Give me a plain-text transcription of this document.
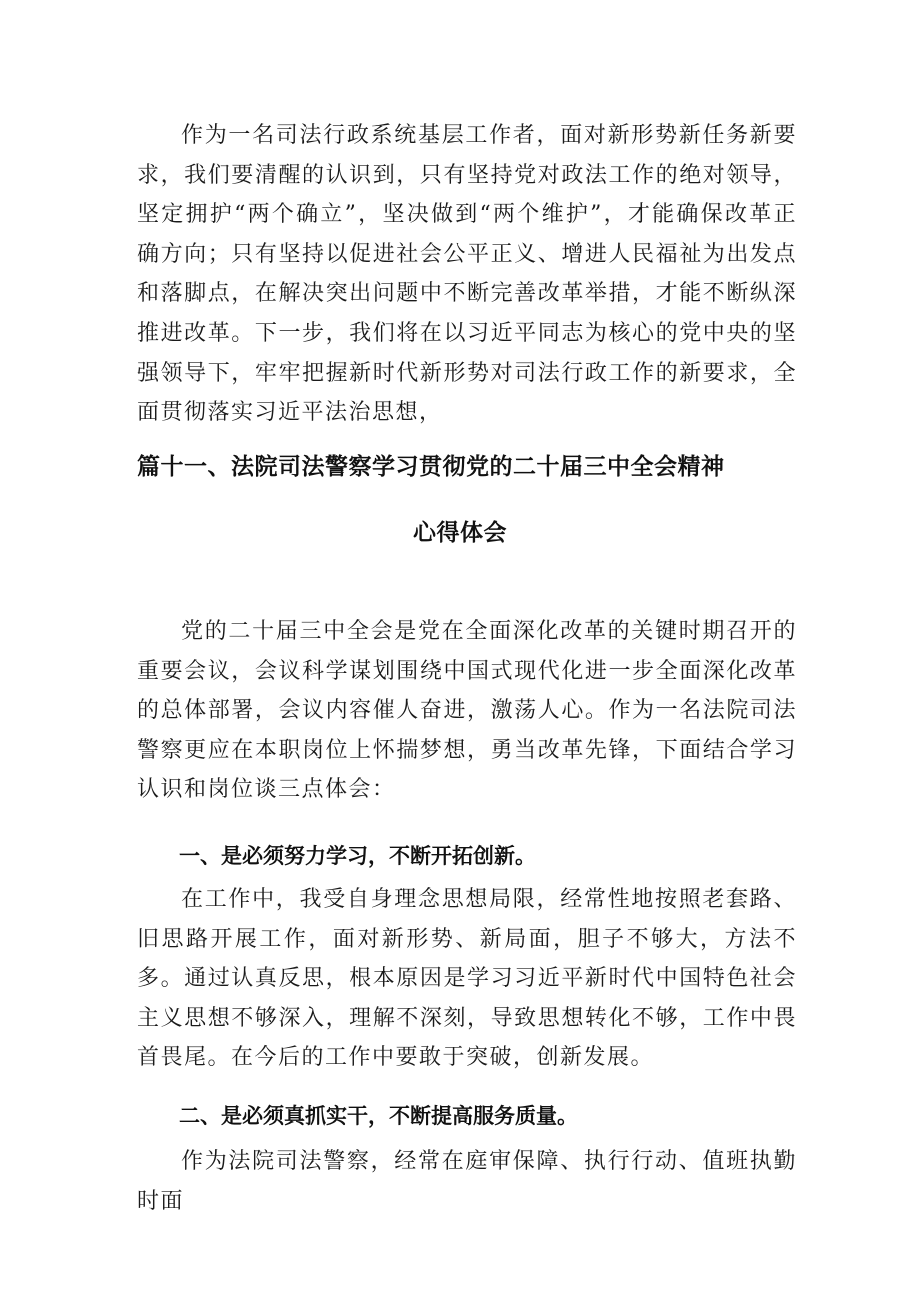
作为一名司法行政系统基层工作者，面对新形势新任务新要求，我们要清醒的认识到，只有坚持党对政法工作的绝对领导，坚定拥护“两个确立”，坚决做到“两个维护”，才能确保改革正确方向；只有坚持以促进社会公平正义、增进人民福祉为出发点和落脚点，在解决突出问题中不断完善改革举措，才能不断纵深推进改革。下一步，我们将在以习近平同志为核心的党中央的坚强领导下，牢牢把握新时代新形势对司法行政工作的新要求，全面贯彻落实习近平法治思想，

篇十一、法院司法警察学习贯彻党的二十届三中全会精神
心得体会

党的二十届三中全会是党在全面深化改革的关键时期召开的重要会议，会议科学谋划围绕中国式现代化进一步全面深化改革的总体部署，会议内容催人奋进，激荡人心。作为一名法院司法警察更应在本职岗位上怀揣梦想，勇当改革先锋，下面结合学习认识和岗位谈三点体会：

一、是必须努力学习，不断开拓创新。

在工作中，我受自身理念思想局限，经常性地按照老套路、旧思路开展工作，面对新形势、新局面，胆子不够大，方法不多。通过认真反思，根本原因是学习习近平新时代中国特色社会主义思想不够深入，理解不深刻，导致思想转化不够，工作中畏首畏尾。在今后的工作中要敢于突破，创新发展。

二、是必须真抓实干，不断提高服务质量。

作为法院司法警察，经常在庭审保障、执行行动、值班执勤时面
